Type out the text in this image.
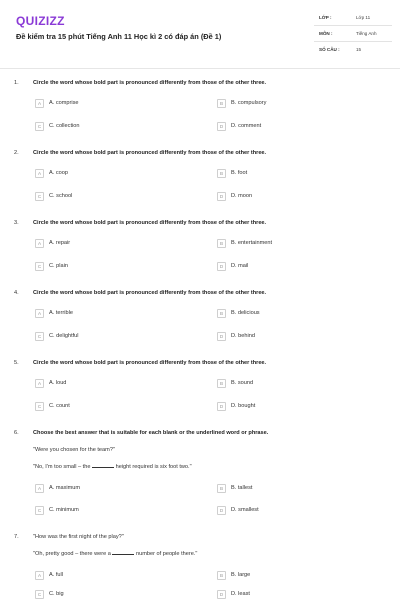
QUIZIZZ
Đề kiểm tra 15 phút Tiếng Anh 11 Học kì 2 có đáp án (Đề 1)
LỚP :	Lớp 11
MÔN :	Tiếng Anh
SỐ CÂU :	15
1.	Circle the word whose bold part is pronounced differently from those of the other three.
A	A. comprise	B	B. compulsory
C	C. collection	D	D. comment
2.	Circle the word whose bold part is pronounced differently from those of the other three.
A	A. coop	B	B. foot
C	C. school	D	D. moon
3.	Circle the word whose bold part is pronounced differently from those of the other three.
A	A. repair	B	B. entertainment
C	C. plain	D	D. mail
4.	Circle the word whose bold part is pronounced differently from those of the other three.
A	A. terrible	B	B. delicious
C	C. delightful	D	D. behind
5.	Circle the word whose bold part is pronounced differently from those of the other three.
A	A. loud	B	B. sound
C	C. count	D	D. bought
6.	Choose the best answer that is suitable for each blank or the underlined word or phrase.
"Were you chosen for the team?"
"No, I'm too small – the	height required is six foot two."
A	A. maximum	B	B. tallest
C	C. minimum	D	D. smallest
7.	"How was the first night of the play?"
"Oh, pretty good – there were a	number of people there."
A	A. full	B	B. large
C	C. big	D	D. least
